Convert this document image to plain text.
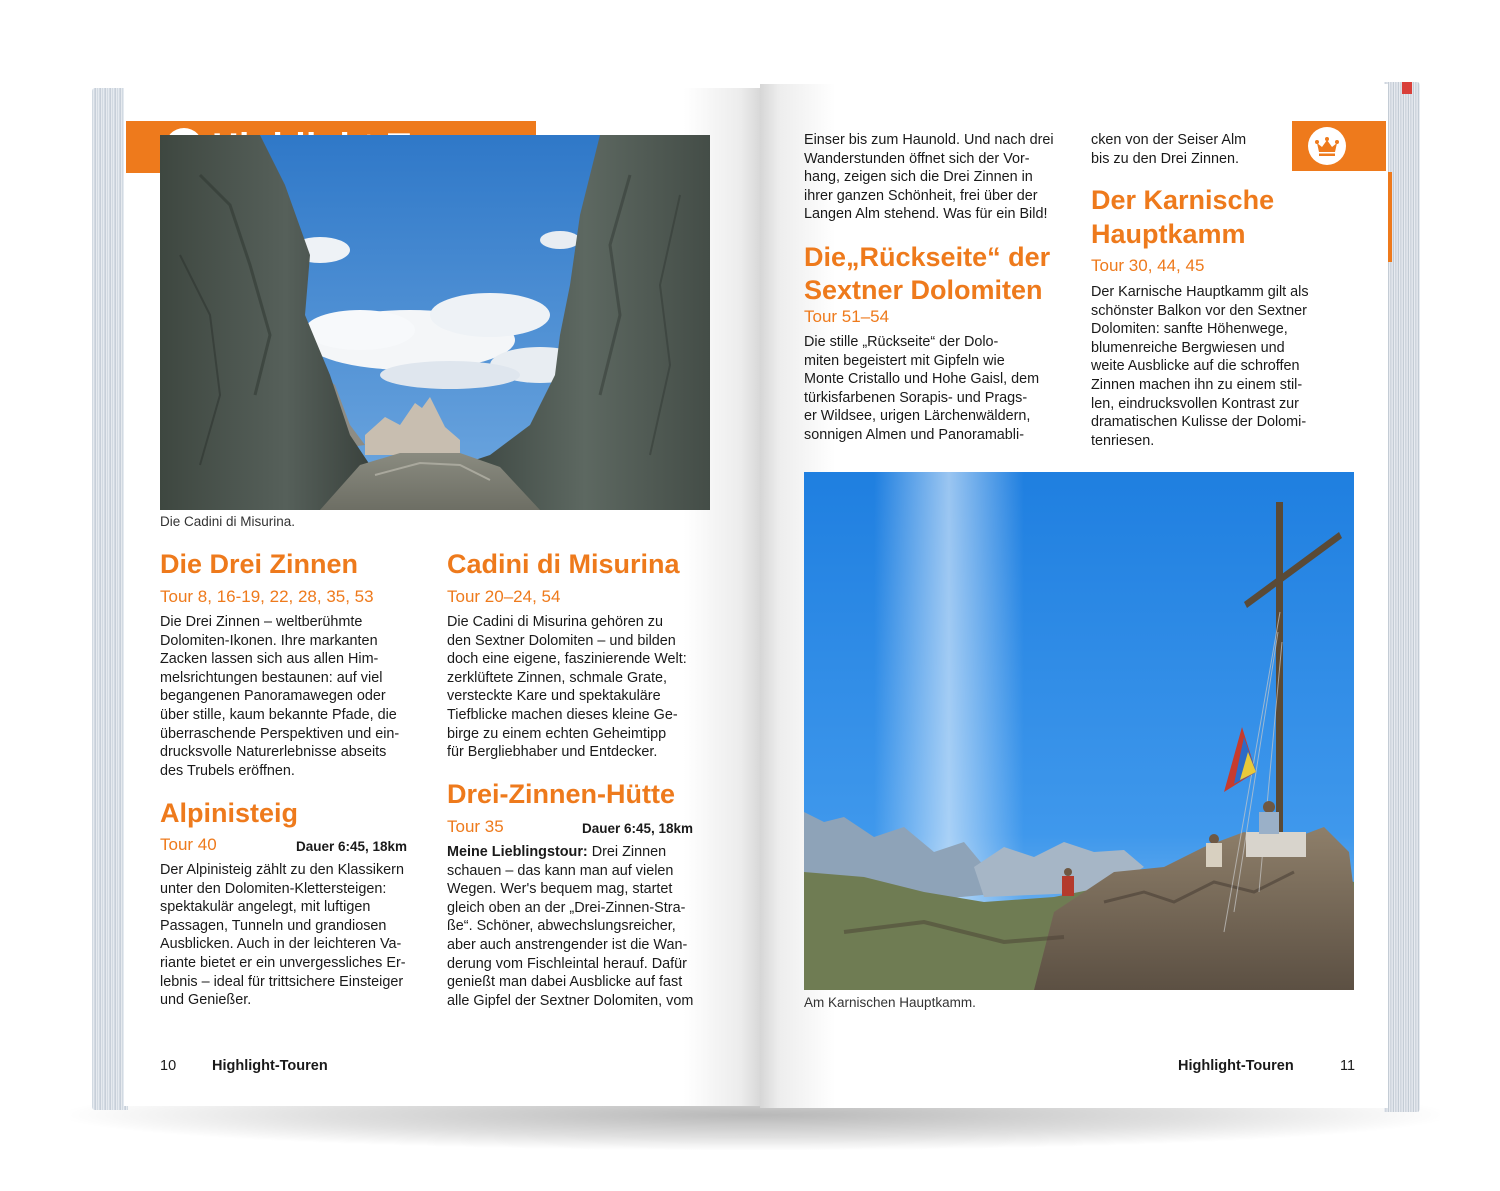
Die Cadini di Misurina.
Die Drei Zinnen
Tour 8, 16-19, 22, 28, 35, 53

Die Drei Zinnen – weltberühmte
Dolomiten-Ikonen. Ihre markanten
Zacken lassen sich aus allen Him-
melsrichtungen bestaunen: auf viel
begangenen Panoramawegen oder
über stille, kaum bekannte Pfade, die
überraschende Perspektiven und ein-
drucksvolle Naturerlebnisse abseits
des Trubels eröffnen.

Alpinisteig
Tour 40	Dauer 6:45, 18km

Der Alpinisteig zählt zu den Klassikern
unter den Dolomiten-Klettersteigen:
spektakulär angelegt, mit luftigen
Passagen, Tunneln und grandiosen
Ausblicken. Auch in der leichteren Va-
riante bietet er ein unvergessliches Er-
lebnis – ideal für trittsichere Einsteiger
und Genießer.

Cadini di Misurina
Tour 20–24, 54

Die Cadini di Misurina gehören zu
den Sextner Dolomiten – und bilden
doch eine eigene, faszinierende Welt:
zerklüftete Zinnen, schmale Grate,
versteckte Kare und spektakuläre
Tiefblicke machen dieses kleine Ge-
birge zu einem echten Geheimtipp
für Bergliebhaber und Entdecker.

Drei-Zinnen-Hütte
Tour 35	Dauer 6:45, 18km

Meine Lieblingstour: Drei Zinnen
schauen – das kann man auf vielen
Wegen. Wer's bequem mag, startet
gleich oben an der „Drei-Zinnen-Stra-
ße“. Schöner, abwechslungsreicher,
aber auch anstrengender ist die Wan-
derung vom Fischleintal herauf. Dafür
genießt man dabei Ausblicke auf fast
alle Gipfel der Sextner Dolomiten, vom

10 Highlight-Touren

Einser bis zum Haunold. Und nach drei
Wanderstunden öffnet sich der Vor-
hang, zeigen sich die Drei Zinnen in
ihrer ganzen Schönheit, frei über der
Langen Alm stehend. Was für ein Bild!

Die„Rückseite“ der
Sextner Dolomiten
Tour 51–54

Die stille „Rückseite“ der Dolo-
miten begeistert mit Gipfeln wie
Monte Cristallo und Hohe Gaisl, dem
türkisfarbenen Sorapis- und Prags-
er Wildsee, urigen Lärchenwäldern,
sonnigen Almen und Panoramabli-

cken von der Seiser Alm
bis zu den Drei Zinnen.

Der Karnische
Hauptkamm
Tour 30, 44, 45

Der Karnische Hauptkamm gilt als
schönster Balkon vor den Sextner
Dolomiten: sanfte Höhenwege,
blumenreiche Bergwiesen und
weite Ausblicke auf die schroffen
Zinnen machen ihn zu einem stil-
len, eindrucksvollen Kontrast zur
dramatischen Kulisse der Dolomi-
tenriesen.

Am Karnischen Hauptkamm.
Highlight-Touren	11
